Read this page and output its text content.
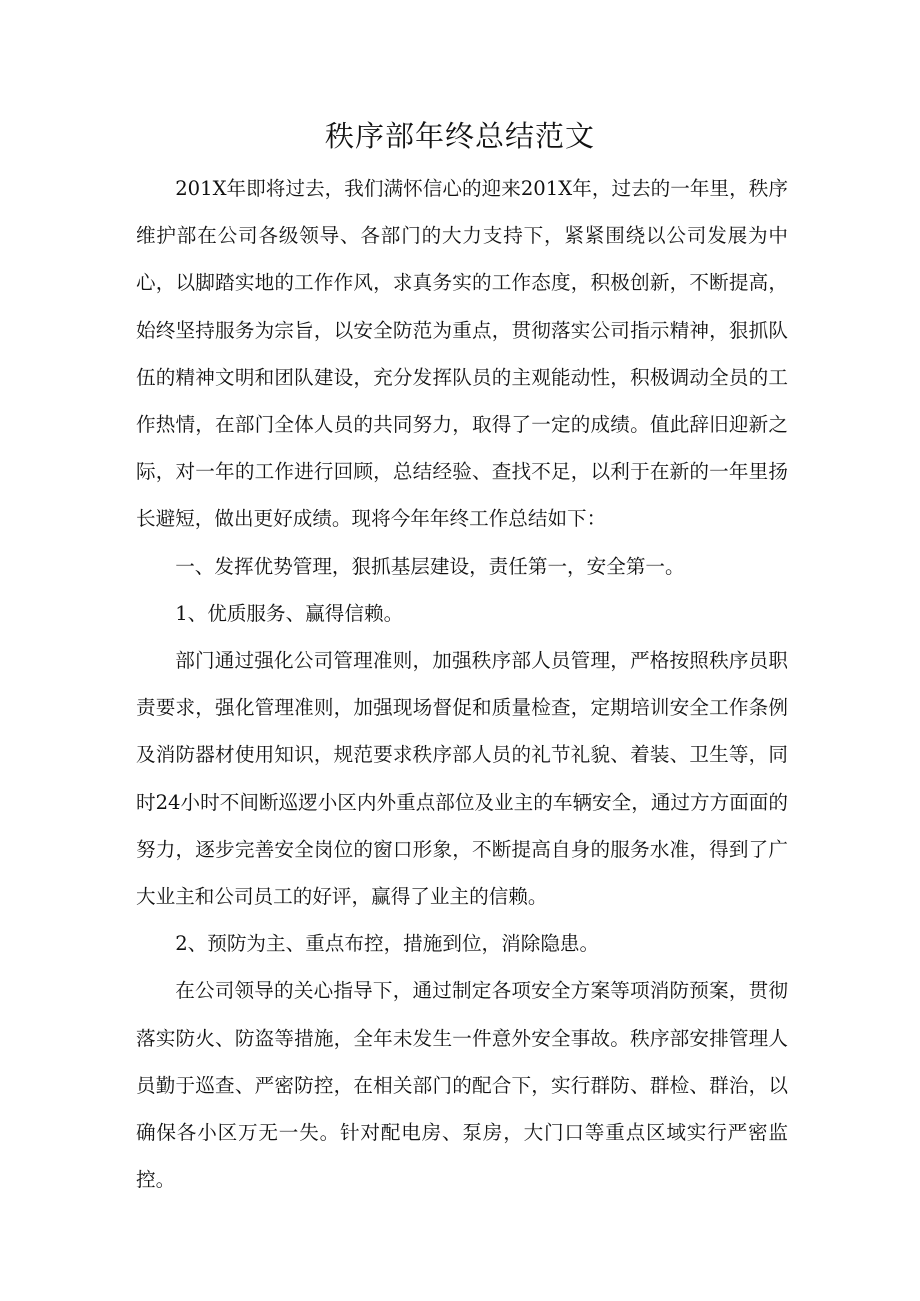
秩序部年终总结范文

201X年即将过去，我们满怀信心的迎来201X年，过去的一年里，秩序维护部在公司各级领导、各部门的大力支持下，紧紧围绕以公司发展为中心，以脚踏实地的工作作风，求真务实的工作态度，积极创新，不断提高，始终坚持服务为宗旨，以安全防范为重点，贯彻落实公司指示精神，狠抓队伍的精神文明和团队建设，充分发挥队员的主观能动性，积极调动全员的工作热情，在部门全体人员的共同努力，取得了一定的成绩。值此辞旧迎新之际，对一年的工作进行回顾，总结经验、查找不足，以利于在新的一年里扬长避短，做出更好成绩。现将今年年终工作总结如下：

一、发挥优势管理，狠抓基层建设，责任第一，安全第一。

1、优质服务、赢得信赖。

部门通过强化公司管理准则，加强秩序部人员管理，严格按照秩序员职责要求，强化管理准则，加强现场督促和质量检查，定期培训安全工作条例及消防器材使用知识，规范要求秩序部人员的礼节礼貌、着装、卫生等，同时24小时不间断巡逻小区内外重点部位及业主的车辆安全，通过方方面面的努力，逐步完善安全岗位的窗口形象，不断提高自身的服务水准，得到了广大业主和公司员工的好评，赢得了业主的信赖。

2、预防为主、重点布控，措施到位，消除隐患。

在公司领导的关心指导下，通过制定各项安全方案等项消防预案，贯彻落实防火、防盗等措施，全年未发生一件意外安全事故。秩序部安排管理人员勤于巡查、严密防控，在相关部门的配合下，实行群防、群检、群治，以确保各小区万无一失。针对配电房、泵房，大门口等重点区域实行严密监控。
